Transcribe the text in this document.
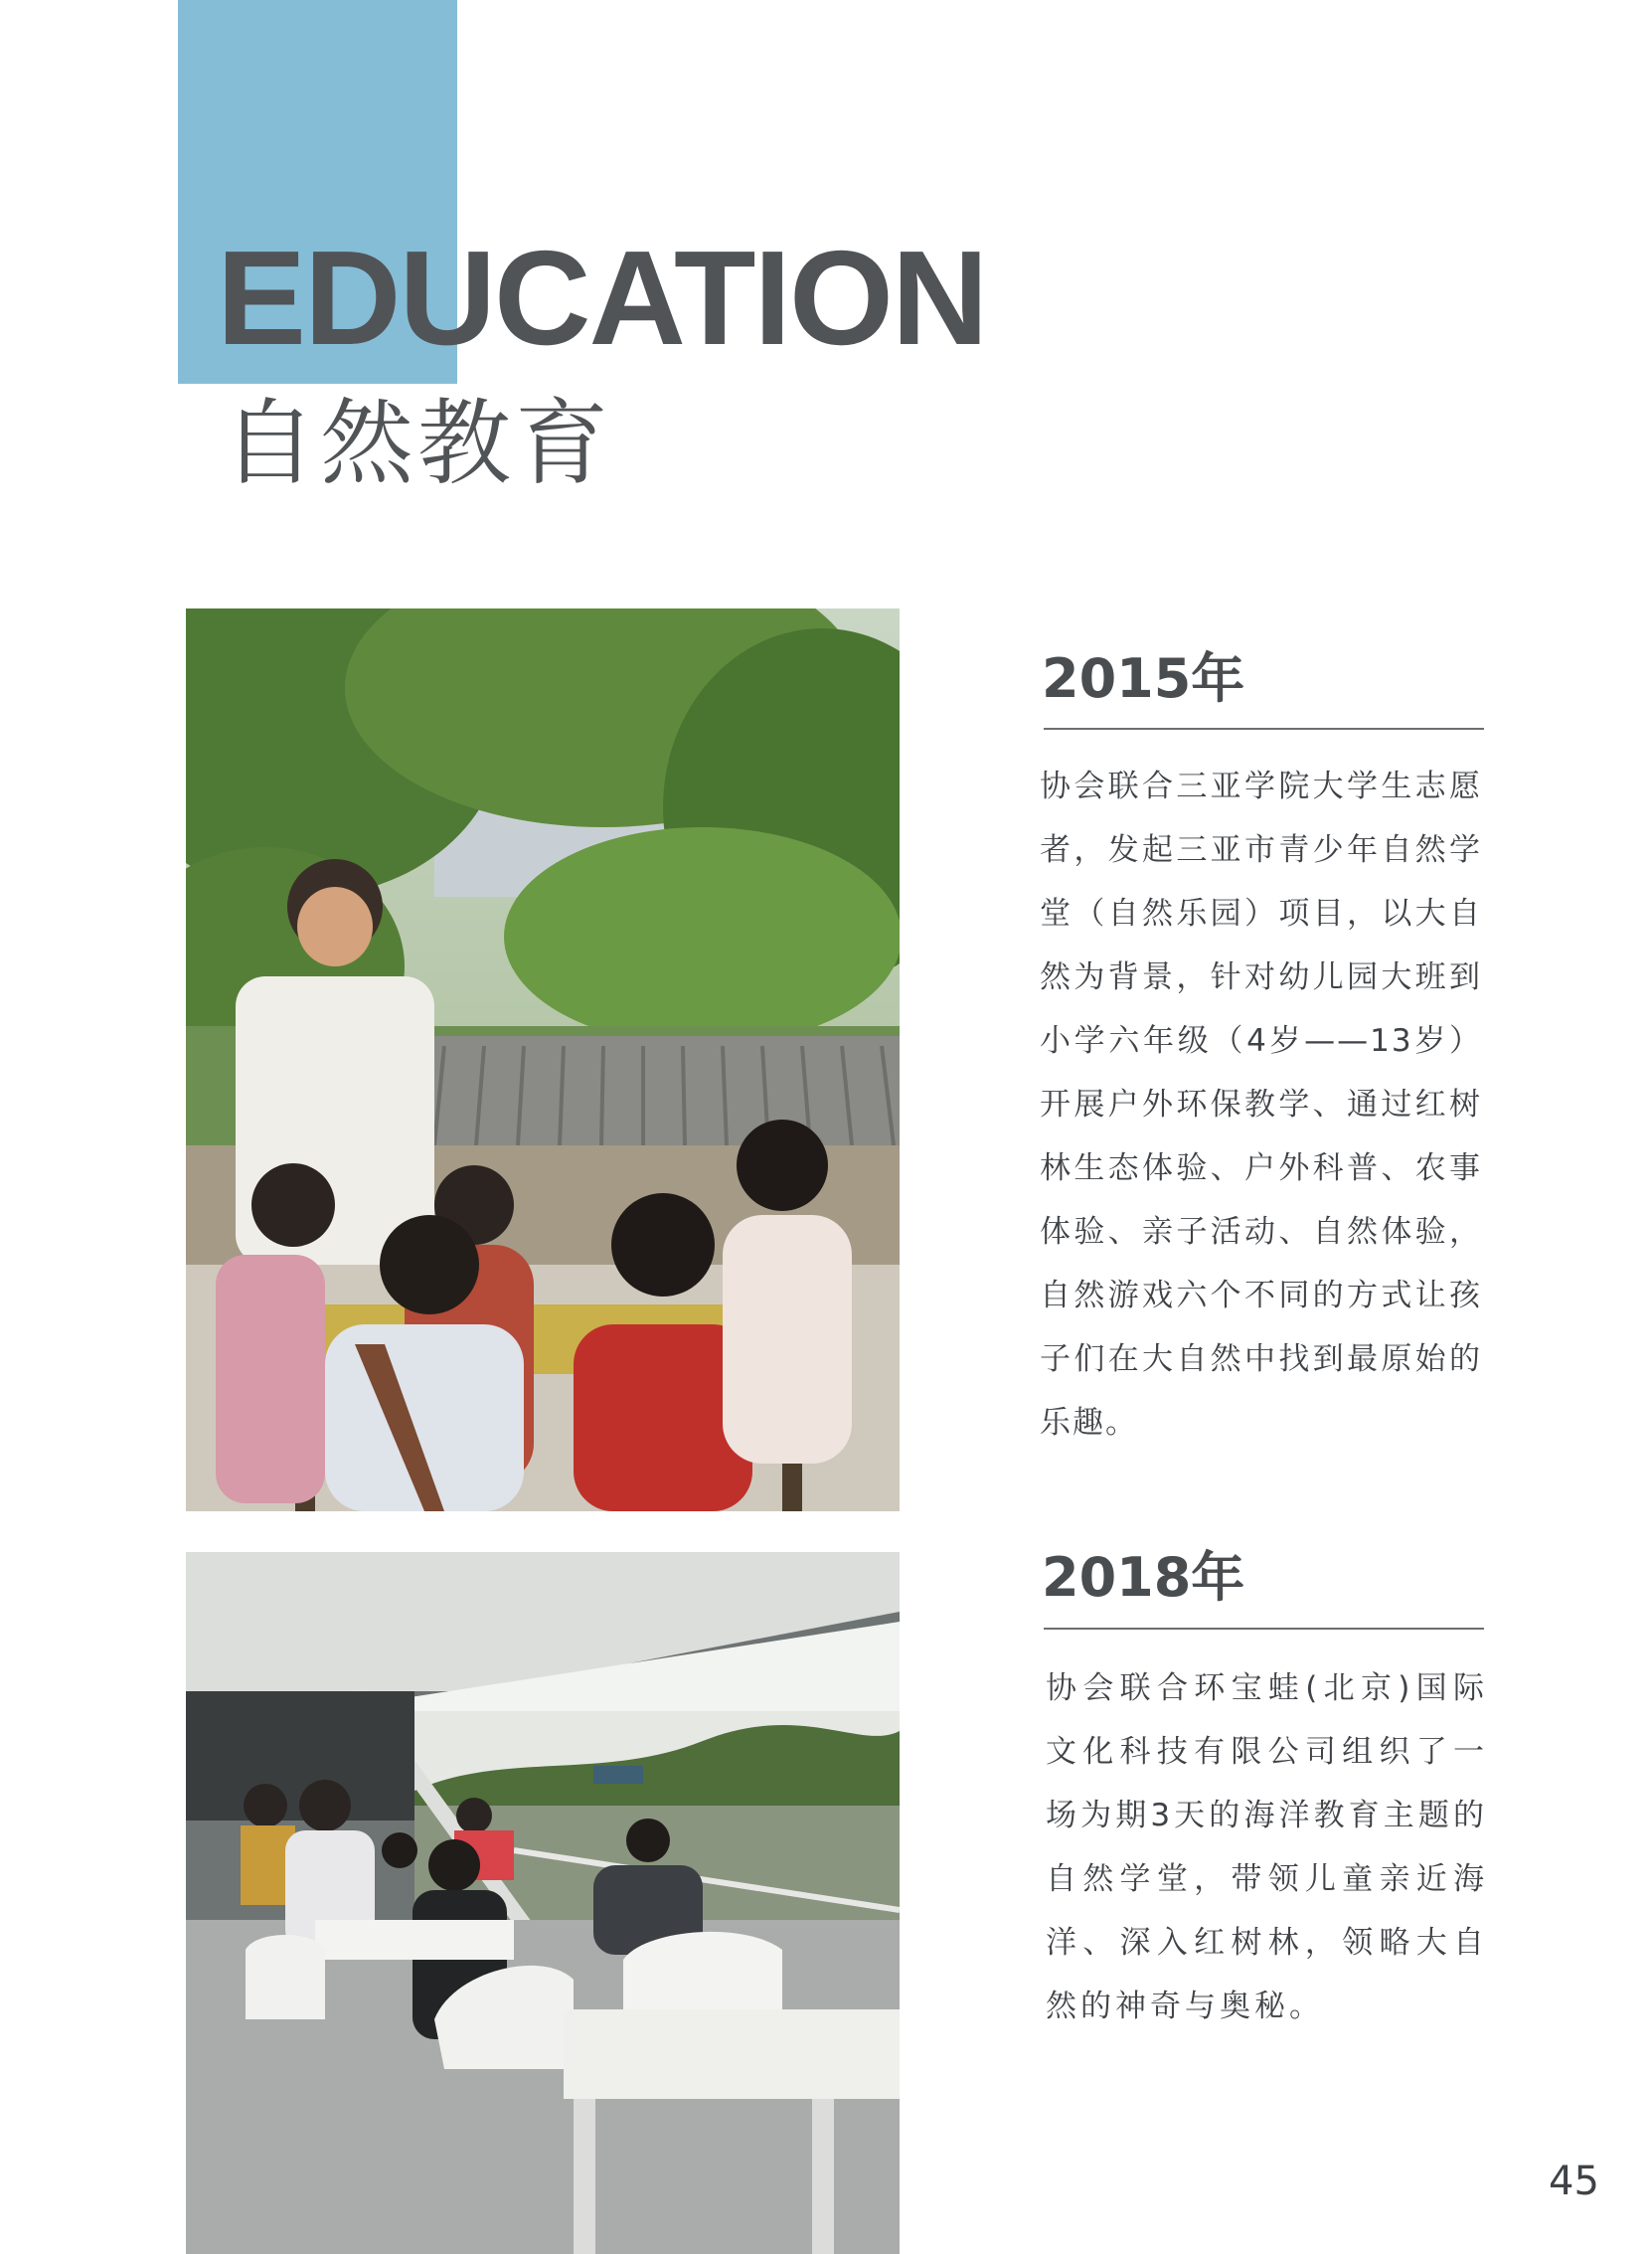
EDUCATION
自然教育
2015年

协会联合三亚学院大学生志愿者，发起三亚市青少年自然学堂（自然乐园）项目，以大自然为背景，针对幼儿园大班到小学六年级（4岁——13岁）开展户外环保教学、通过红树林生态体验、户外科普、农事体验、亲子活动、自然体验，自然游戏六个不同的方式让孩子们在大自然中找到最原始的乐趣。

2018年

协会联合环宝蛙(北京)国际文化科技有限公司组织了一场为期3天的海洋教育主题的自然学堂，带领儿童亲近海洋、深入红树林，领略大自然的神奇与奥秘。

45
